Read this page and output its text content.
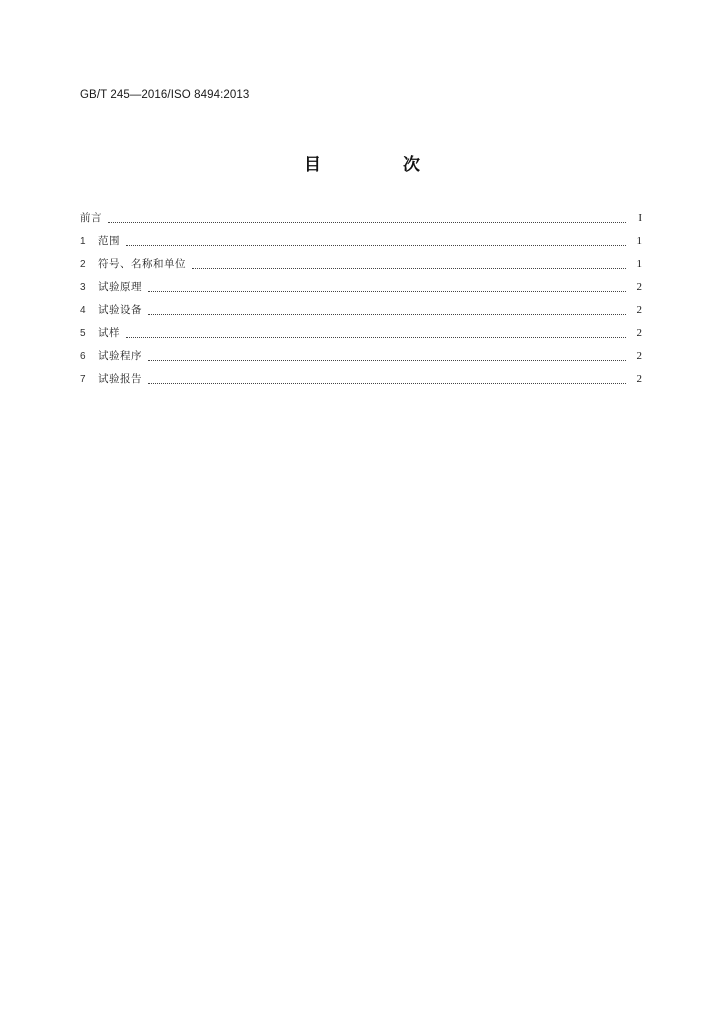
GB/T 245—2016/ISO 8494:2013
目 次
前言	I
1	范围	1
2	符号、名称和单位	1
3	试验原理	2
4	试验设备	2
5	试样	2
6	试验程序	2
7	试验报告	2
